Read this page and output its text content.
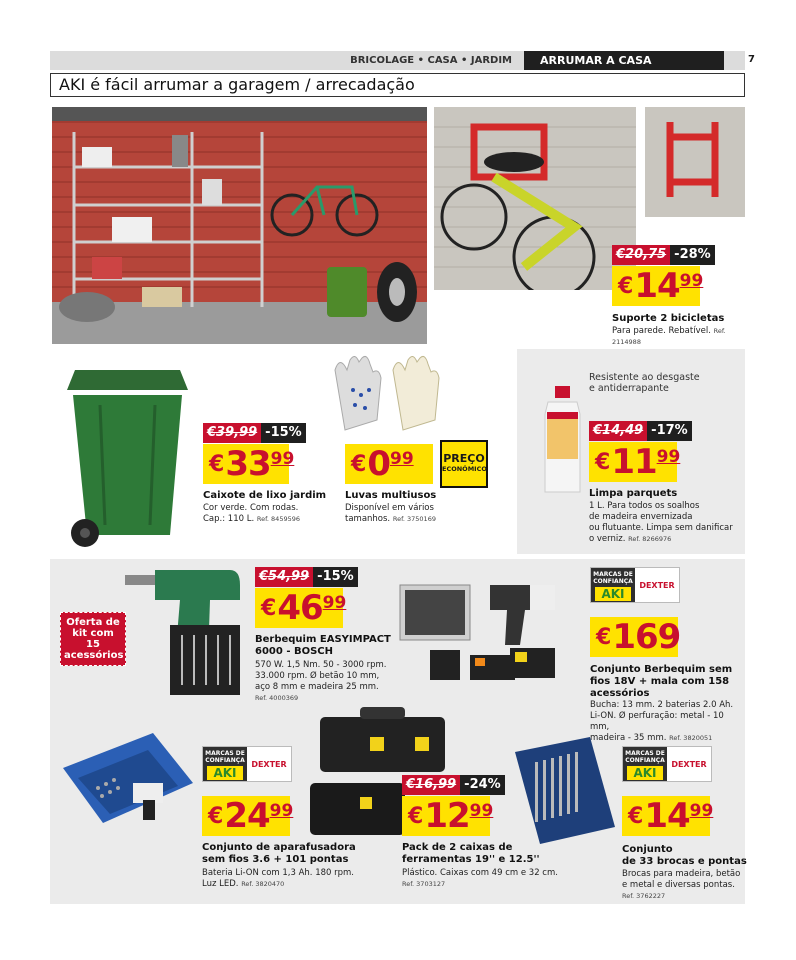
BRICOLAGE • CASA • JARDIM	ARRUMAR A CASA	7
AKI é fácil arrumar a garagem / arrecadação
€20,75 -28%
€ 14 99
Suporte 2 bicicletas
Para parede. Rebatível. Ref. 2114988
€39,99 -15%
€ 33 99
Caixote de lixo jardim
Cor verde. Com rodas.
Cap.: 110 L. Ref. 8459596
€ 0 99	PREÇO
ECONÓMICO
Luvas multiusos
Disponível em vários
tamanhos. Ref. 3750169
Resistente ao desgaste
e antiderrapante
€14,49 -17%
€ 11 99
Limpa parquets
1 L. Para todos os soalhos
de madeira envernizada
ou flutuante. Limpa sem danificar
o verniz. Ref. 8266976
Oferta de
kit com 15
acessórios
€54,99 -15%
€ 46 99
Berbequim EASYIMPACT
6000 - BOSCH
570 W. 1,5 Nm. 50 - 3000 rpm.
33.000 rpm. Ø betão 10 mm,
aço 8 mm e madeira 25 mm.
Ref. 4000369
MARCAS DE CONFIANÇA
AKI
DEXTER
€ 169
Conjunto Berbequim sem
fios 18V + mala com 158
acessórios
Bucha: 13 mm. 2 baterias 2.0 Ah.
Li-ON. Ø perfuração: metal - 10 mm,
madeira - 35 mm. Ref. 3820051
MARCAS DE CONFIANÇA
AKI
DEXTER
€ 24 99
Conjunto de aparafusadora
sem fios 3.6 + 101 pontas
Bateria Li-ON com 1,3 Ah. 180 rpm.
Luz LED. Ref. 3820470
€16,99 -24%
€ 12 99
Pack de 2 caixas de
ferramentas 19'' e 12.5''
Plástico. Caixas com 49 cm e 32 cm.
Ref. 3703127
MARCAS DE CONFIANÇA
AKI
DEXTER
€ 14 99
Conjunto
de 33 brocas e pontas
Brocas para madeira, betão
e metal e diversas pontas.
Ref. 3762227
